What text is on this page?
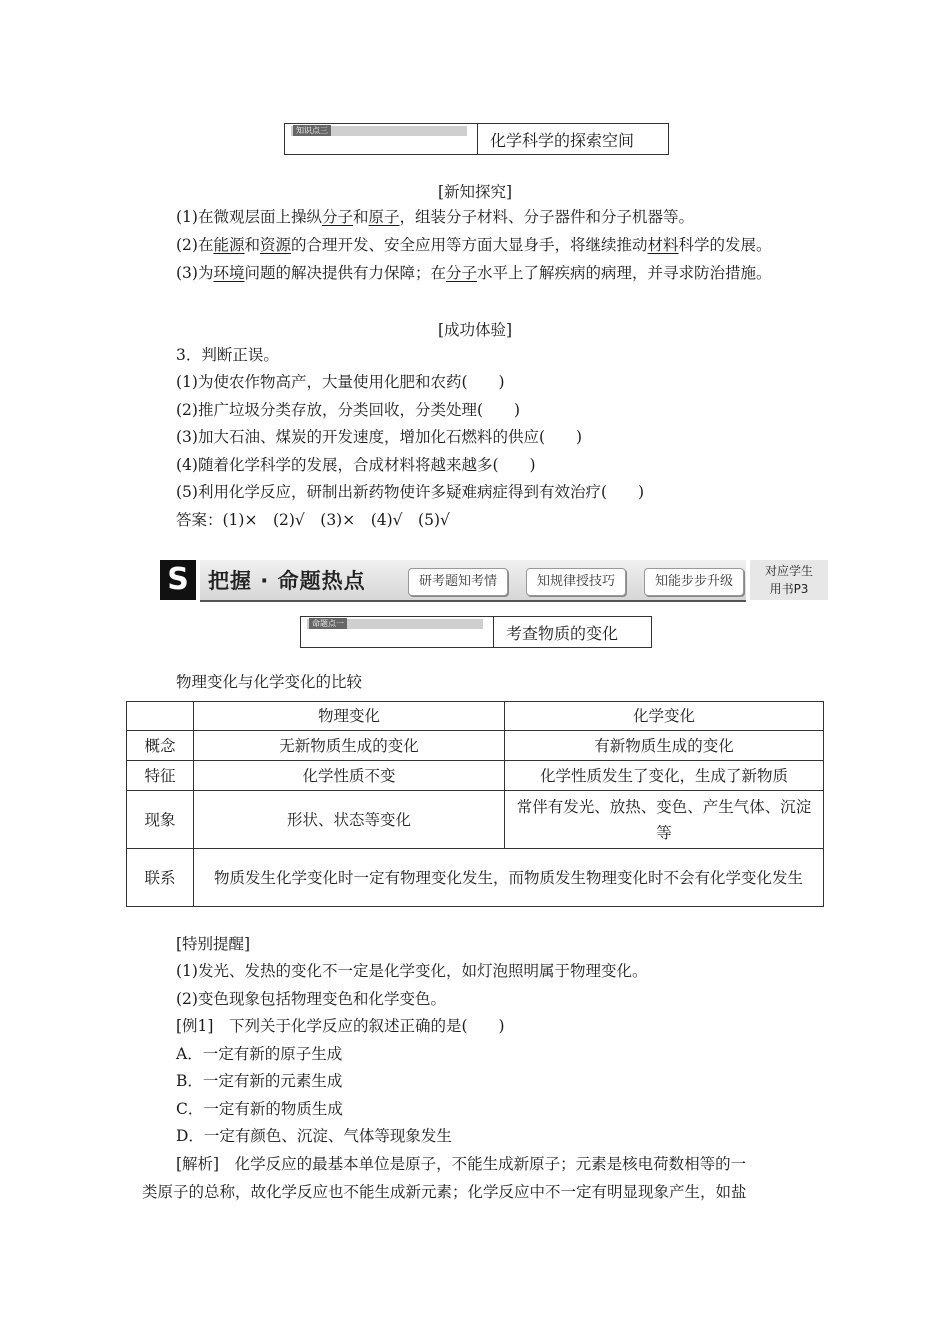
知识点三	化学科学的探索空间
[新知探究]
(1)在微观层面上操纵分子和原子，组装分子材料、分子器件和分子机器等。
(2)在能源和资源的合理开发、安全应用等方面大显身手，将继续推动材料科学的发展。
(3)为环境问题的解决提供有力保障；在分子水平上了解疾病的病理，并寻求防治措施。
[成功体验]
3．判断正误。
(1)为使农作物高产，大量使用化肥和农药(　　)
(2)推广垃圾分类存放，分类回收，分类处理(　　)
(3)加大石油、煤炭的开发速度，增加化石燃料的供应(　　)
(4)随着化学科学的发展，合成材料将越来越多(　　)
(5)利用化学反应，研制出新药物使许多疑难病症得到有效治疗(　　)
答案：(1)×　(2)√　(3)×　(4)√　(5)√
S 把握 · 命题热点	研考题知考情	知规律授技巧	知能步步升级
对应学生
用书P3
命题点一	考查物质的变化
物理变化与化学变化的比较
	物理变化	化学变化
概念	无新物质生成的变化	有新物质生成的变化
特征	化学性质不变	化学性质发生了变化，生成了新物质
现象	形状、状态等变化	常伴有发光、放热、变色、产生气体、沉淀等
联系	物质发生化学变化时一定有物理变化发生，而物质发生物理变化时不会有化学变化发生	
[特别提醒]
(1)发光、发热的变化不一定是化学变化，如灯泡照明属于物理变化。
(2)变色现象包括物理变色和化学变色。
[例1]　下列关于化学反应的叙述正确的是(　　)
A．一定有新的原子生成
B．一定有新的元素生成
C．一定有新的物质生成
D．一定有颜色、沉淀、气体等现象发生
[解析]　化学反应的最基本单位是原子，不能生成新原子；元素是核电荷数相等的一
类原子的总称，故化学反应也不能生成新元素；化学反应中不一定有明显现象产生，如盐
